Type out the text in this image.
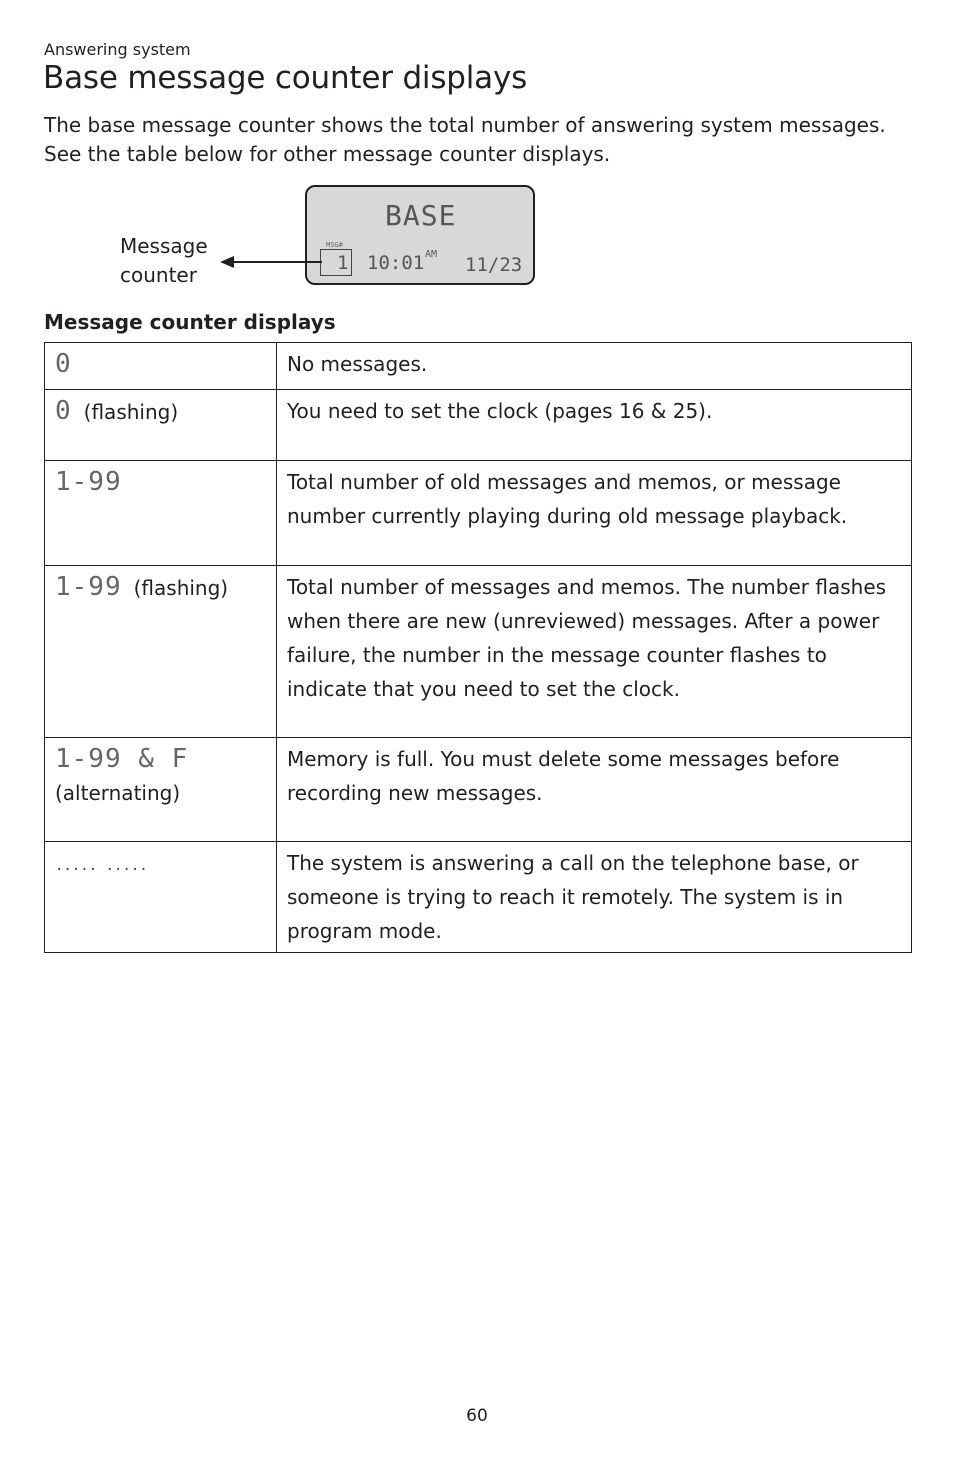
Answering system
Base message counter displays

The base message counter shows the total number of answering system messages. See the table below for other message counter displays.

BASE
MSG#
1 10:01 AM 11/23
Message
counter
Message counter displays
0	No messages.
0 (flashing)	You need to set the clock (pages 16 & 25).
1-99	Total number of old messages and memos, or message number currently playing during old message playback.
1-99 (flashing)	Total number of messages and memos. The number flashes when there are new (unreviewed) messages. After a power failure, the number in the message counter flashes to indicate that you need to set the clock.

1-99 & F
(alternating)	Memory is full. You must delete some messages before recording new messages.
..... .....	The system is answering a call on the telephone base, or someone is trying to reach it remotely. The system is in program mode.
60
